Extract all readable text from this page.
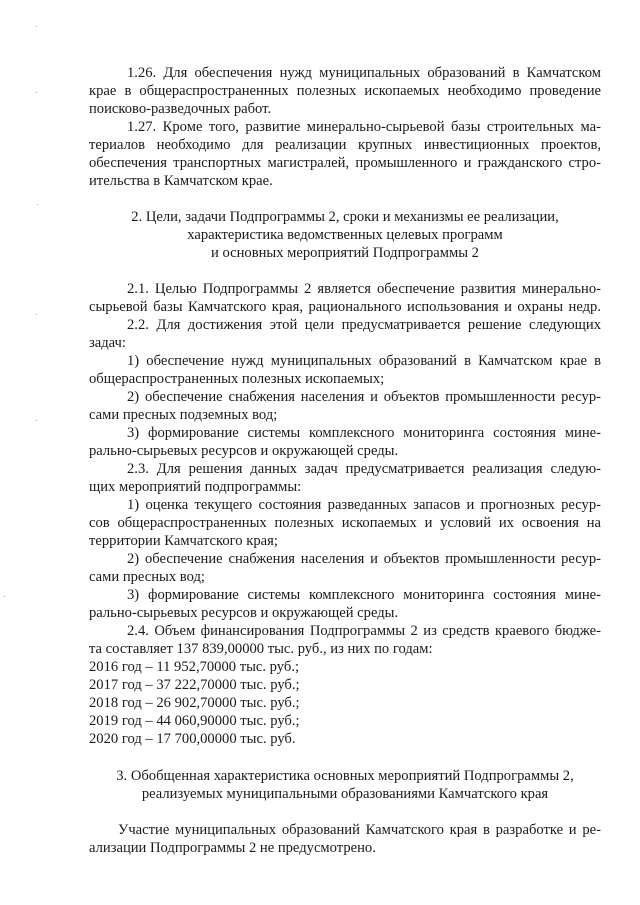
1.26. Для обеспечения нужд муниципальных образований в Камчатском
крае в общераспространенных полезных ископаемых необходимо проведение
поисково-разведочных работ.
1.27. Кроме того, развитие минерально-сырьевой базы строительных ма-
териалов необходимо для реализации крупных инвестиционных проектов,
обеспечения транспортных магистралей, промышленного и гражданского стро-
ительства в Камчатском крае.
2. Цели, задачи Подпрограммы 2, сроки и механизмы ее реализации,
характеристика ведомственных целевых программ
и основных мероприятий Подпрограммы 2
2.1. Целью Подпрограммы 2 является обеспечение развития минерально-
сырьевой базы Камчатского края, рационального использования и охраны недр.
2.2. Для достижения этой цели предусматривается решение следующих
задач:
1) обеспечение нужд муниципальных образований в Камчатском крае в
общераспространенных полезных ископаемых;
2) обеспечение снабжения населения и объектов промышленности ресур-
сами пресных подземных вод;
3) формирование системы комплексного мониторинга состояния мине-
рально-сырьевых ресурсов и окружающей среды.
2.3. Для решения данных задач предусматривается реализация следую-
щих мероприятий подпрограммы:
1) оценка текущего состояния разведанных запасов и прогнозных ресур-
сов общераспространенных полезных ископаемых и условий их освоения на
территории Камчатского края;
2) обеспечение снабжения населения и объектов промышленности ресур-
сами пресных вод;
3) формирование системы комплексного мониторинга состояния мине-
рально-сырьевых ресурсов и окружающей среды.
2.4. Объем финансирования Подпрограммы 2 из средств краевого бюдже-
та составляет 137 839,00000 тыс. руб., из них по годам:
2016 год – 11 952,70000 тыс. руб.;
2017 год – 37 222,70000 тыс. руб.;
2018 год – 26 902,70000 тыс. руб.;
2019 год – 44 060,90000 тыс. руб.;
2020 год – 17 700,00000 тыс. руб.
3. Обобщенная характеристика основных мероприятий Подпрограммы 2,
реализуемых муниципальными образованиями Камчатского края
Участие муниципальных образований Камчатского края в разработке и ре-
ализации Подпрограммы 2 не предусмотрено.
